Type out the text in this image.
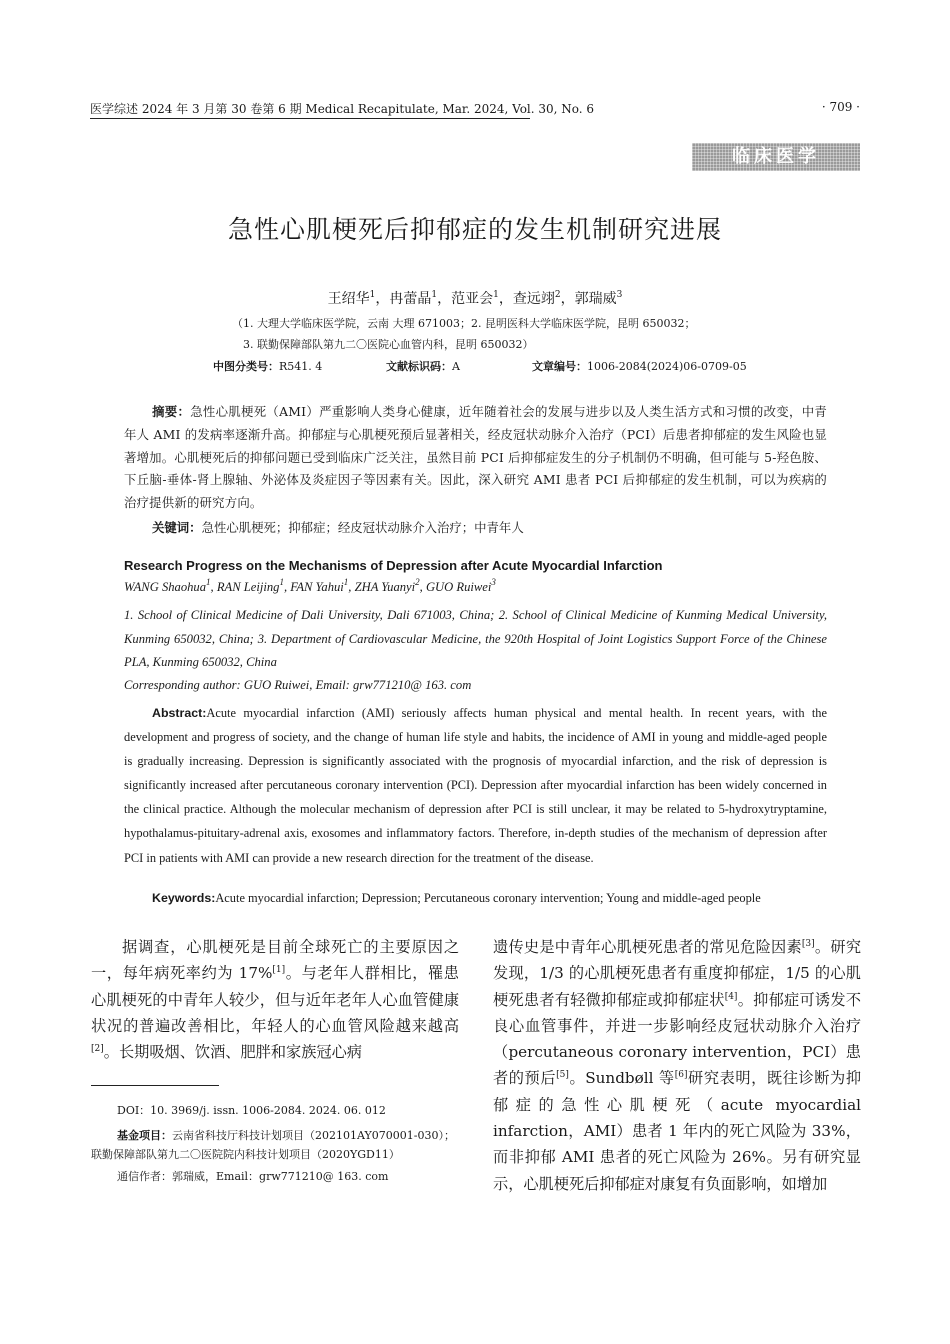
医学综述 2024 年 3 月第 30 卷第 6 期 Medical Recapitulate, Mar. 2024, Vol. 30, No. 6	· 709 ·
临床医学
急性心肌梗死后抑郁症的发生机制研究进展
王绍华$^1$，冉蕾晶$^1$，范亚会$^1$，查远翊$^2$，郭瑞威$^3$
（1. 大理大学临床医学院，云南 大理 671003；2. 昆明医科大学临床医学院，昆明 650032；
3. 联勤保障部队第九二〇医院心血管内科，昆明 650032）
中图分类号：R541. 4	文献标识码：A	文章编号：1006-2084(2024)06-0709-05
摘要：急性心肌梗死（AMI）严重影响人类身心健康，近年随着社会的发展与进步以及人类生活方式和习惯的改变，中青年人 AMI 的发病率逐渐升高。抑郁症与心肌梗死预后显著相关，经皮冠状动脉介入治疗（PCI）后患者抑郁症的发生风险也显著增加。心肌梗死后的抑郁问题已受到临床广泛关注，虽然目前 PCI 后抑郁症发生的分子机制仍不明确，但可能与 5-羟色胺、下丘脑-垂体-肾上腺轴、外泌体及炎症因子等因素有关。因此，深入研究 AMI 患者 PCI 后抑郁症的发生机制，可以为疾病的治疗提供新的研究方向。
关键词：急性心肌梗死；抑郁症；经皮冠状动脉介入治疗；中青年人
Research Progress on the Mechanisms of Depression after Acute Myocardial Infarction
WANG Shaohua$^1$, RAN Leijing$^1$, FAN Yahui$^1$, ZHA Yuanyi$^2$, GUO Ruiwei$^3$
1. School of Clinical Medicine of Dali University, Dali 671003, China; 2. School of Clinical Medicine of Kunming Medical University, Kunming 650032, China; 3. Department of Cardiovascular Medicine, the 920th Hospital of Joint Logistics Support Force of the Chinese PLA, Kunming 650032, China
Corresponding author: GUO Ruiwei, Email: grw771210@ 163. com
Abstract:Acute myocardial infarction (AMI) seriously affects human physical and mental health. In recent years, with the development and progress of society, and the change of human life style and habits, the incidence of AMI in young and middle-aged people is gradually increasing. Depression is significantly associated with the prognosis of myocardial infarction, and the risk of depression is significantly increased after percutaneous coronary intervention (PCI). Depression after myocardial infarction has been widely concerned in the clinical practice. Although the molecular mechanism of depression after PCI is still unclear, it may be related to 5-hydroxytryptamine, hypothalamus-pituitary-adrenal axis, exosomes and inflammatory factors. Therefore, in-depth studies of the mechanism of depression after PCI in patients with AMI can provide a new research direction for the treatment of the disease.
Keywords:Acute myocardial infarction; Depression; Percutaneous coronary intervention; Young and middle-aged people
据调查，心肌梗死是目前全球死亡的主要原因之一，每年病死率约为 17%[1]。与老年人群相比，罹患心肌梗死的中青年人较少，但与近年老年人心血管健康状况的普遍改善相比，年轻人的心血管风险越来越高[2]。长期吸烟、饮酒、肥胖和家族冠心病
遗传史是中青年心肌梗死患者的常见危险因素[3]。研究发现，1/3 的心肌梗死患者有重度抑郁症，1/5 的心肌梗死患者有轻微抑郁症或抑郁症状[4]。抑郁症可诱发不良心血管事件，并进一步影响经皮冠状动脉介入治疗（percutaneous coronary intervention，PCI）患者的预后[5]。Sundbøll 等[6]研究表明，既往诊断为抑郁症的急性心肌梗死（acute myocardial infarction，AMI）患者 1 年内的死亡风险为 33%，而非抑郁 AMI 患者的死亡风险为 26%。另有研究显示，心肌梗死后抑郁症对康复有负面影响，如增加
DOI：10. 3969/j. issn. 1006-2084. 2024. 06. 012
基金项目：云南省科技厅科技计划项目（202101AY070001-030）；联勤保障部队第九二〇医院院内科技计划项目（2020YGD11）
通信作者：郭瑞威，Email：grw771210@ 163. com
